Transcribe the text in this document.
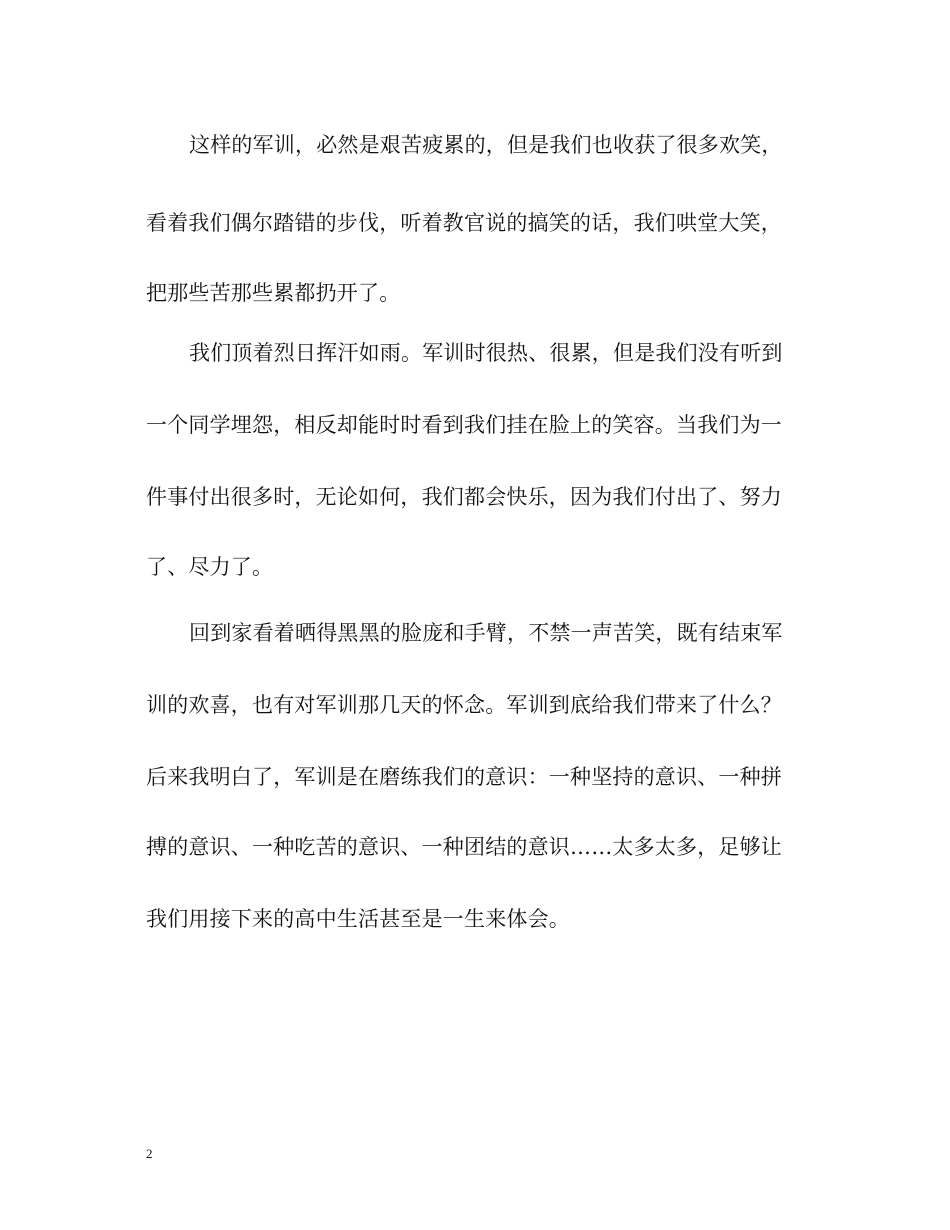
这样的军训，必然是艰苦疲累的，但是我们也收获了很多欢笑，
看着我们偶尔踏错的步伐，听着教官说的搞笑的话，我们哄堂大笑，
把那些苦那些累都扔开了。
我们顶着烈日挥汗如雨。军训时很热、很累，但是我们没有听到
一个同学埋怨，相反却能时时看到我们挂在脸上的笑容。当我们为一
件事付出很多时，无论如何，我们都会快乐，因为我们付出了、努力
了、尽力了。
回到家看着晒得黑黑的脸庞和手臂，不禁一声苦笑，既有结束军
训的欢喜，也有对军训那几天的怀念。军训到底给我们带来了什么？
后来我明白了，军训是在磨练我们的意识：一种坚持的意识、一种拼
搏的意识、一种吃苦的意识、一种团结的意识……太多太多，足够让
我们用接下来的高中生活甚至是一生来体会。
2
